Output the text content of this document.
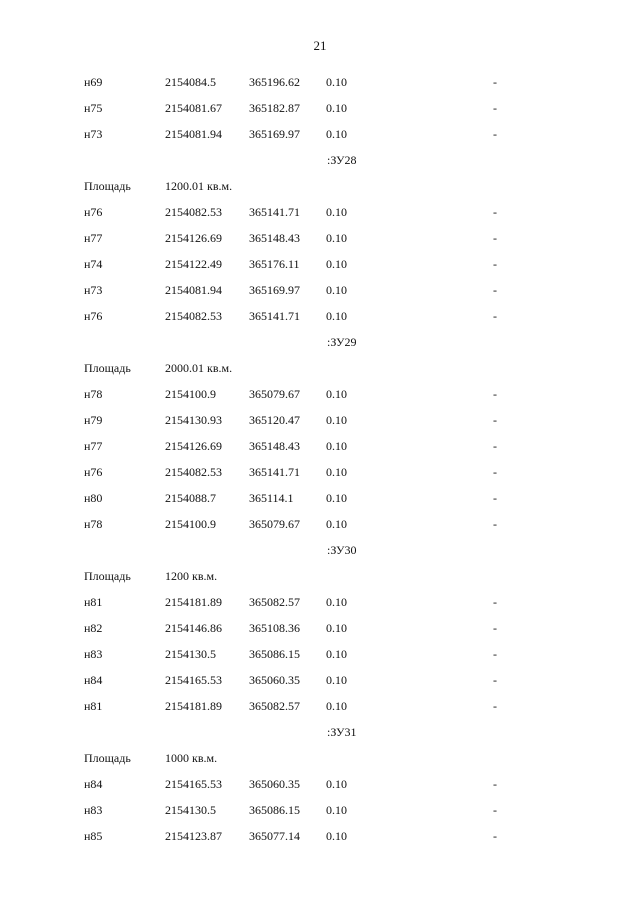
21
н69	2154084.5	365196.62 0.10	-
н75	2154081.67 365182.87 0.10	-
н73	2154081.94 365169.97 0.10	-
:ЗУ28
Площадь	1200.01 кв.м.
н76	2154082.53 365141.71 0.10	-
н77	2154126.69 365148.43 0.10	-
н74	2154122.49 365176.11 0.10	-
н73	2154081.94 365169.97 0.10	-
н76	2154082.53 365141.71 0.10	-
:ЗУ29
Площадь	2000.01 кв.м.
н78	2154100.9	365079.67 0.10	-
н79	2154130.93 365120.47 0.10	-
н77	2154126.69 365148.43 0.10	-
н76	2154082.53 365141.71 0.10	-
н80	2154088.7	365114.1	0.10	-
н78	2154100.9	365079.67 0.10	-
:ЗУ30
Площадь	1200 кв.м.
н81	2154181.89 365082.57 0.10	-
н82	2154146.86 365108.36 0.10	-
н83	2154130.5	365086.15 0.10	-
н84	2154165.53 365060.35 0.10	-
н81	2154181.89 365082.57 0.10	-
:ЗУ31
Площадь	1000 кв.м.
н84	2154165.53 365060.35 0.10	-
н83	2154130.5	365086.15 0.10	-
н85	2154123.87 365077.14 0.10	-
